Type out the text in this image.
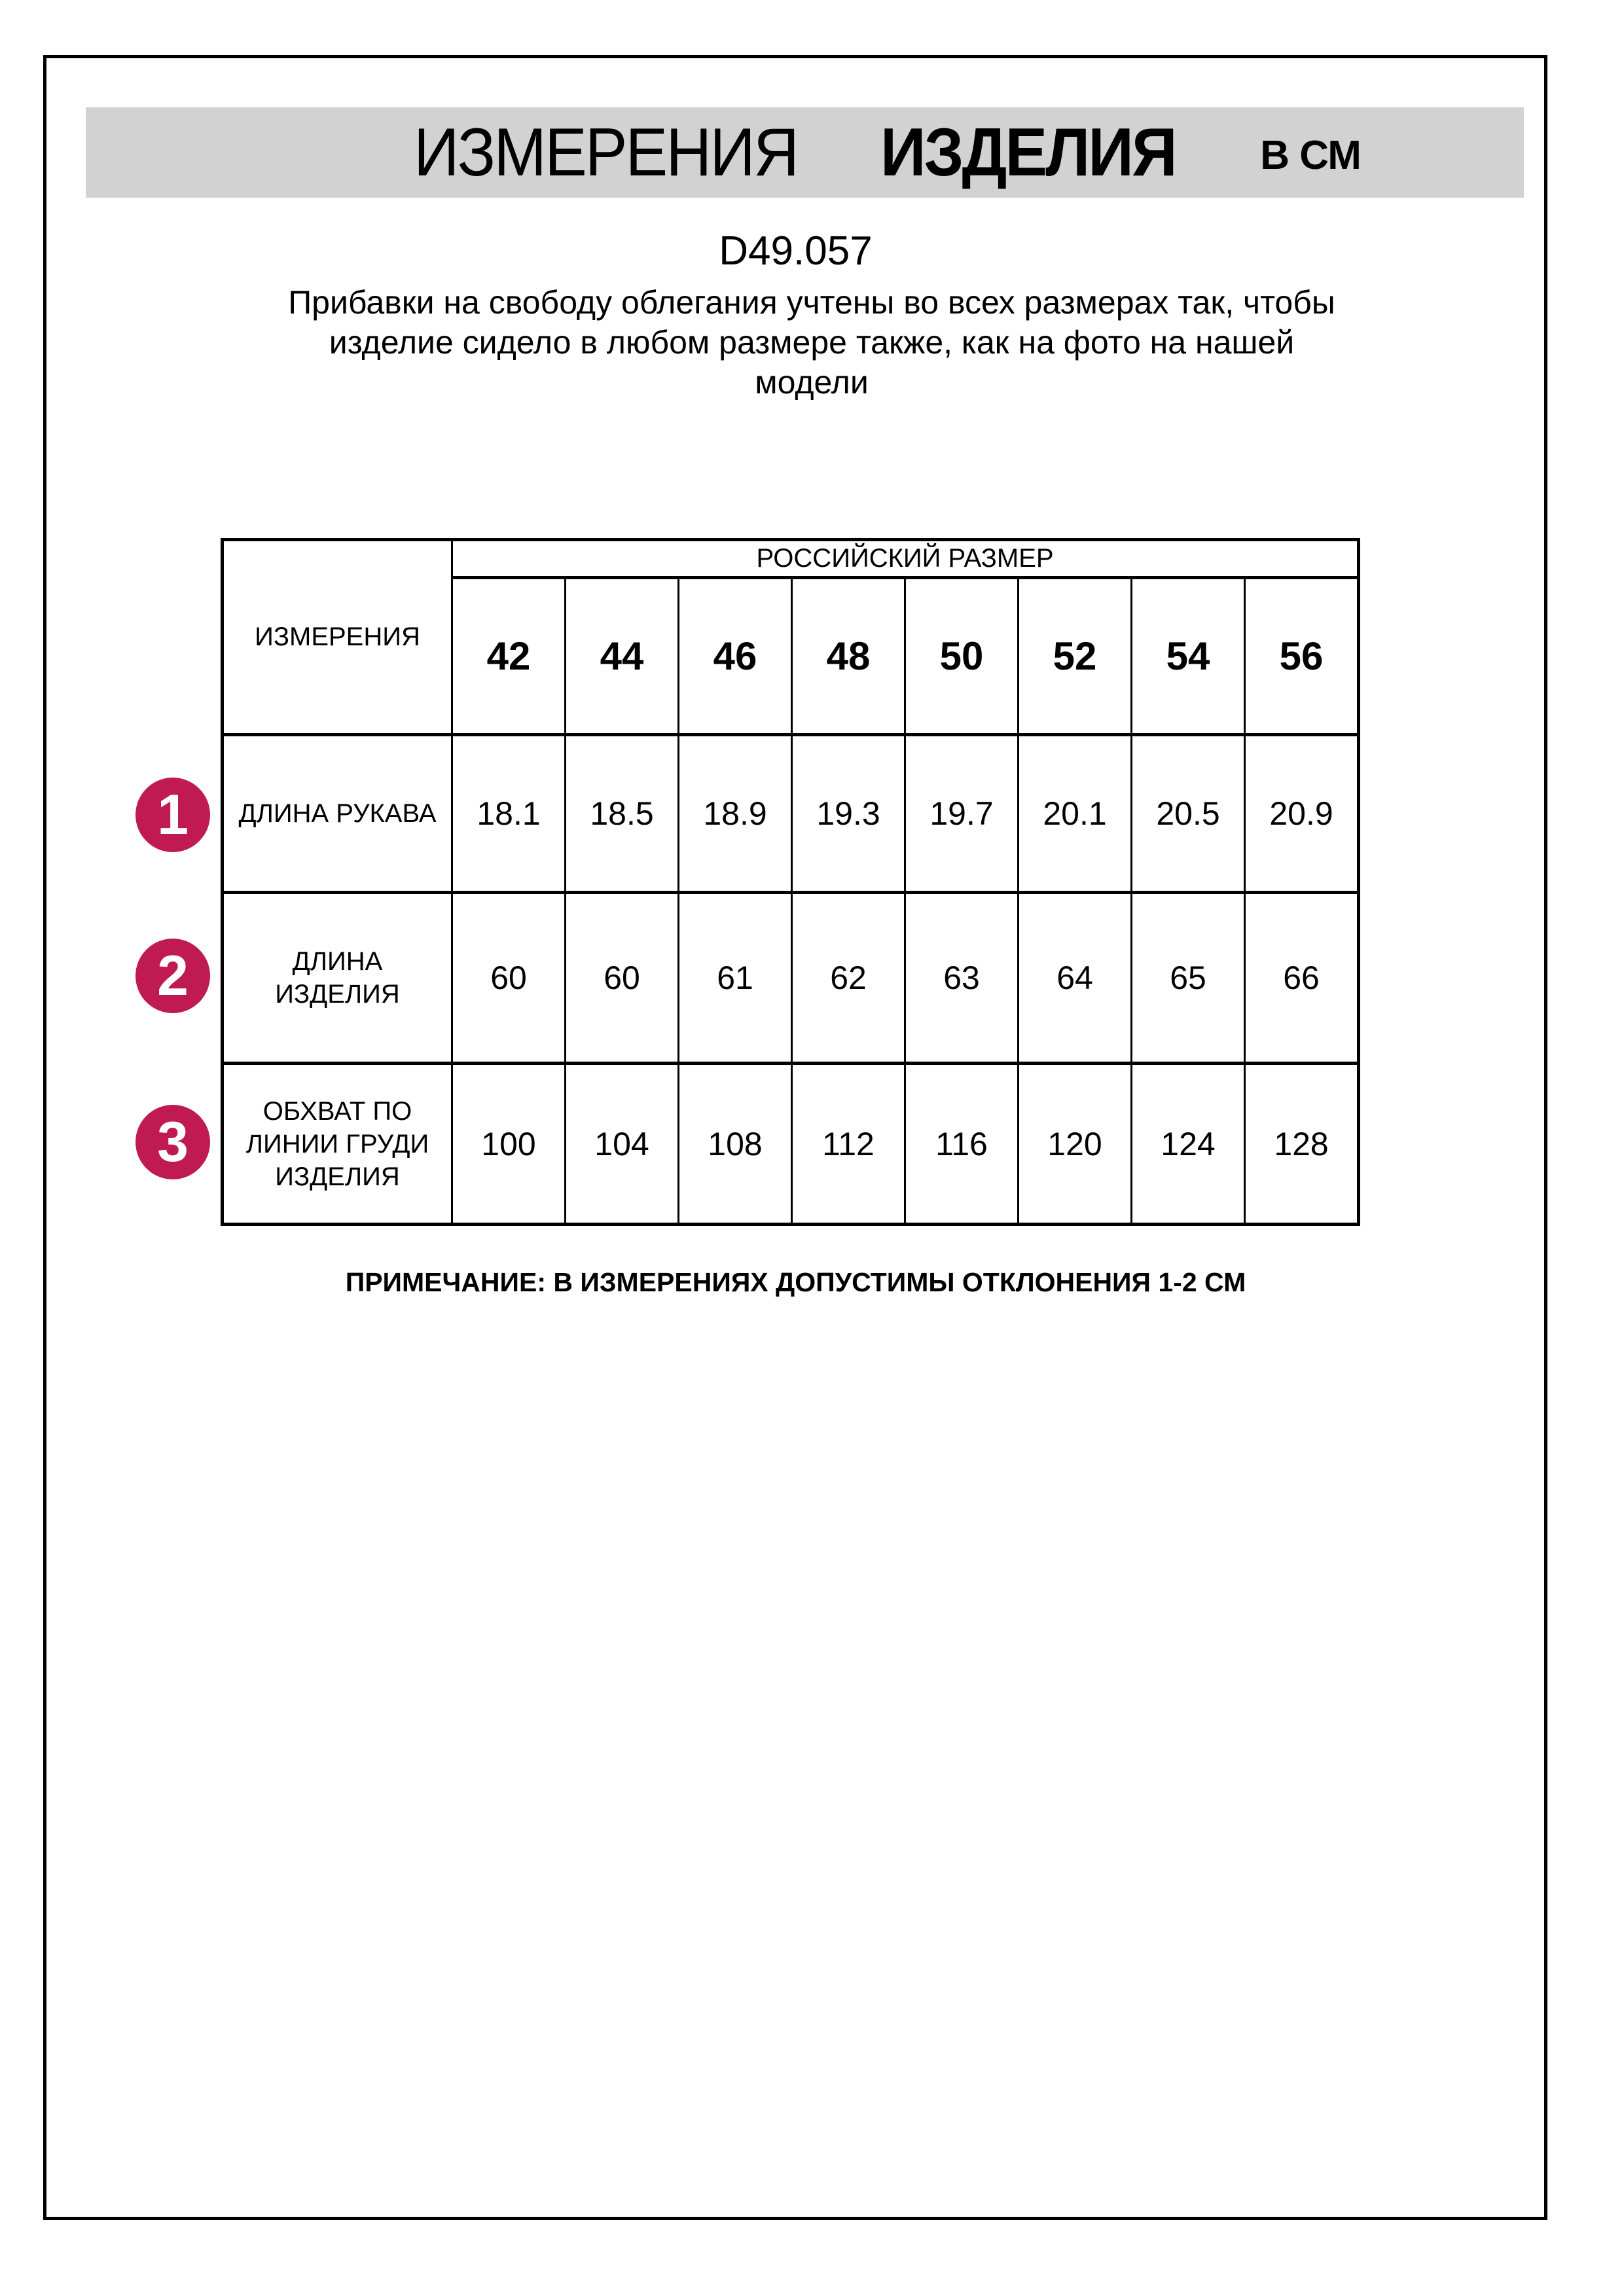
ИЗМЕРЕНИЯ ИЗДЕЛИЯ В СМ
D49.057
Прибавки на свободу облегания учтены во всех размерах так, чтобы
изделие сидело в любом размере также, как на фото на нашей
модели
ИЗМЕРЕНИЯ	РОССИЙСКИЙ РАЗМЕР							
	42	44	46	48	50	52	54	56
ДЛИНА РУКАВА	18.1	18.5	18.9	19.3	19.7	20.1	20.5	20.9
ДЛИНА
ИЗДЕЛИЯ	60	60	61	62	63	64	65	66
ОБХВАТ ПО
ЛИНИИ ГРУДИ
ИЗДЕЛИЯ	100	104	108	112	116	120	124	128
1
2
3
ПРИМЕЧАНИЕ: В ИЗМЕРЕНИЯХ ДОПУСТИМЫ ОТКЛОНЕНИЯ 1-2 СМ
